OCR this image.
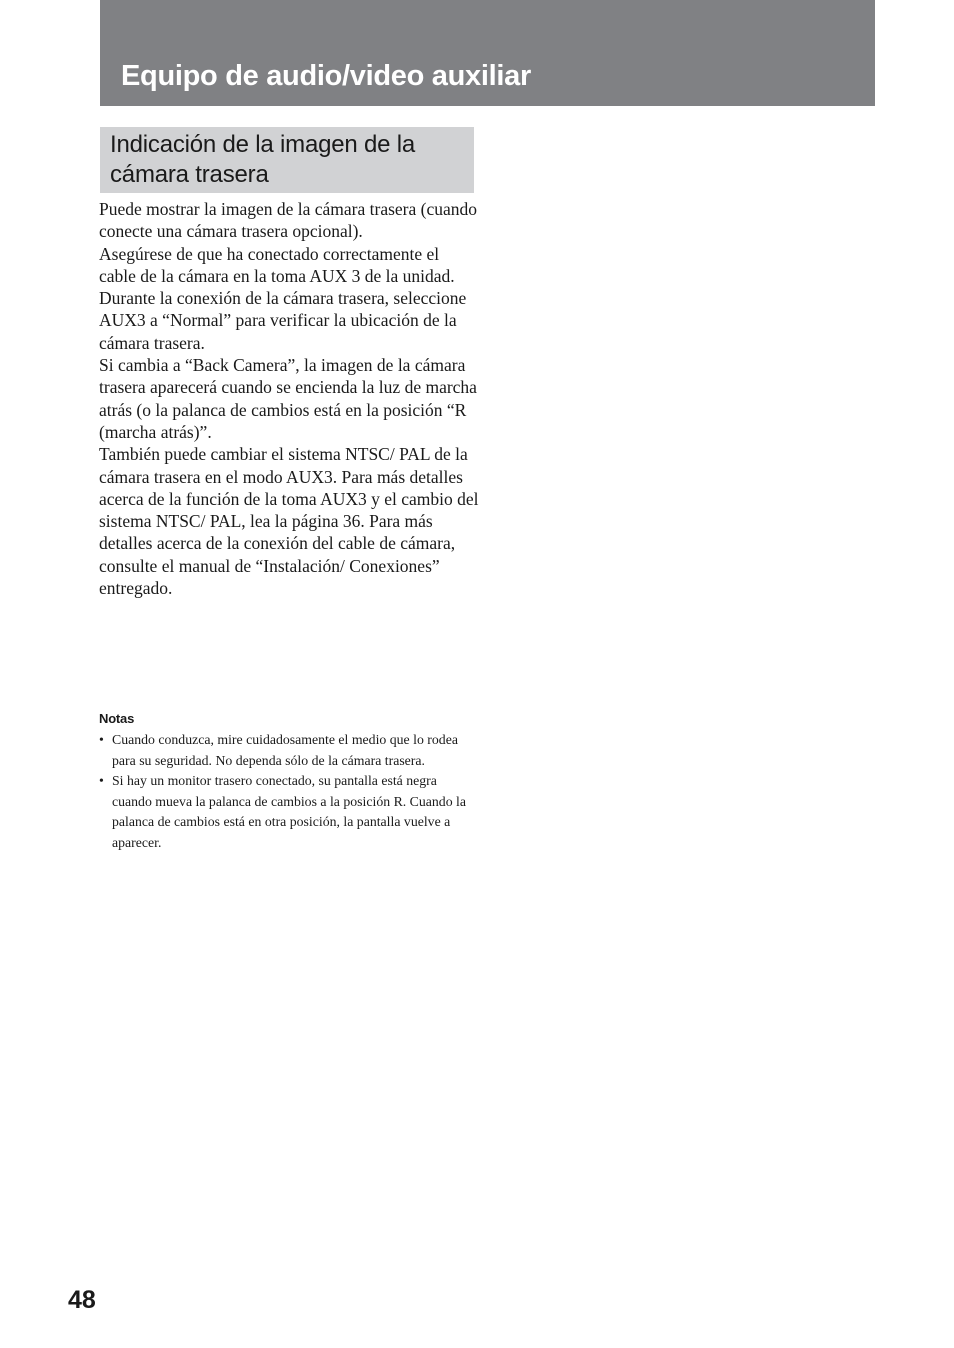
Equipo de audio/video auxiliar
Indicación de la imagen de la cámara trasera

Puede mostrar la imagen de la cámara trasera (cuando conecte una cámara trasera opcional).

Asegúrese de que ha conectado correctamente el cable de la cámara en la toma AUX 3 de la unidad. Durante la conexión de la cámara trasera, seleccione AUX3 a “Normal” para verificar la ubicación de la cámara trasera.

Si cambia a “Back Camera”, la imagen de la cámara trasera aparecerá cuando se encienda la luz de marcha atrás (o la palanca de cambios está en la posición “R (marcha atrás)”.

También puede cambiar el sistema NTSC/ PAL de la cámara trasera en el modo AUX3. Para más detalles acerca de la función de la toma AUX3 y el cambio del sistema NTSC/ PAL, lea la página 36. Para más detalles acerca de la conexión del cable de cámara, consulte el manual de “Instalación/ Conexiones” entregado.

Notas
• Cuando conduzca, mire cuidadosamente el medio que lo rodea para su seguridad. No dependa sólo de la cámara trasera.
• Si hay un monitor trasero conectado, su pantalla está negra cuando mueva la palanca de cambios a la posición R. Cuando la palanca de cambios está en otra posición, la pantalla vuelve a aparecer.
48
